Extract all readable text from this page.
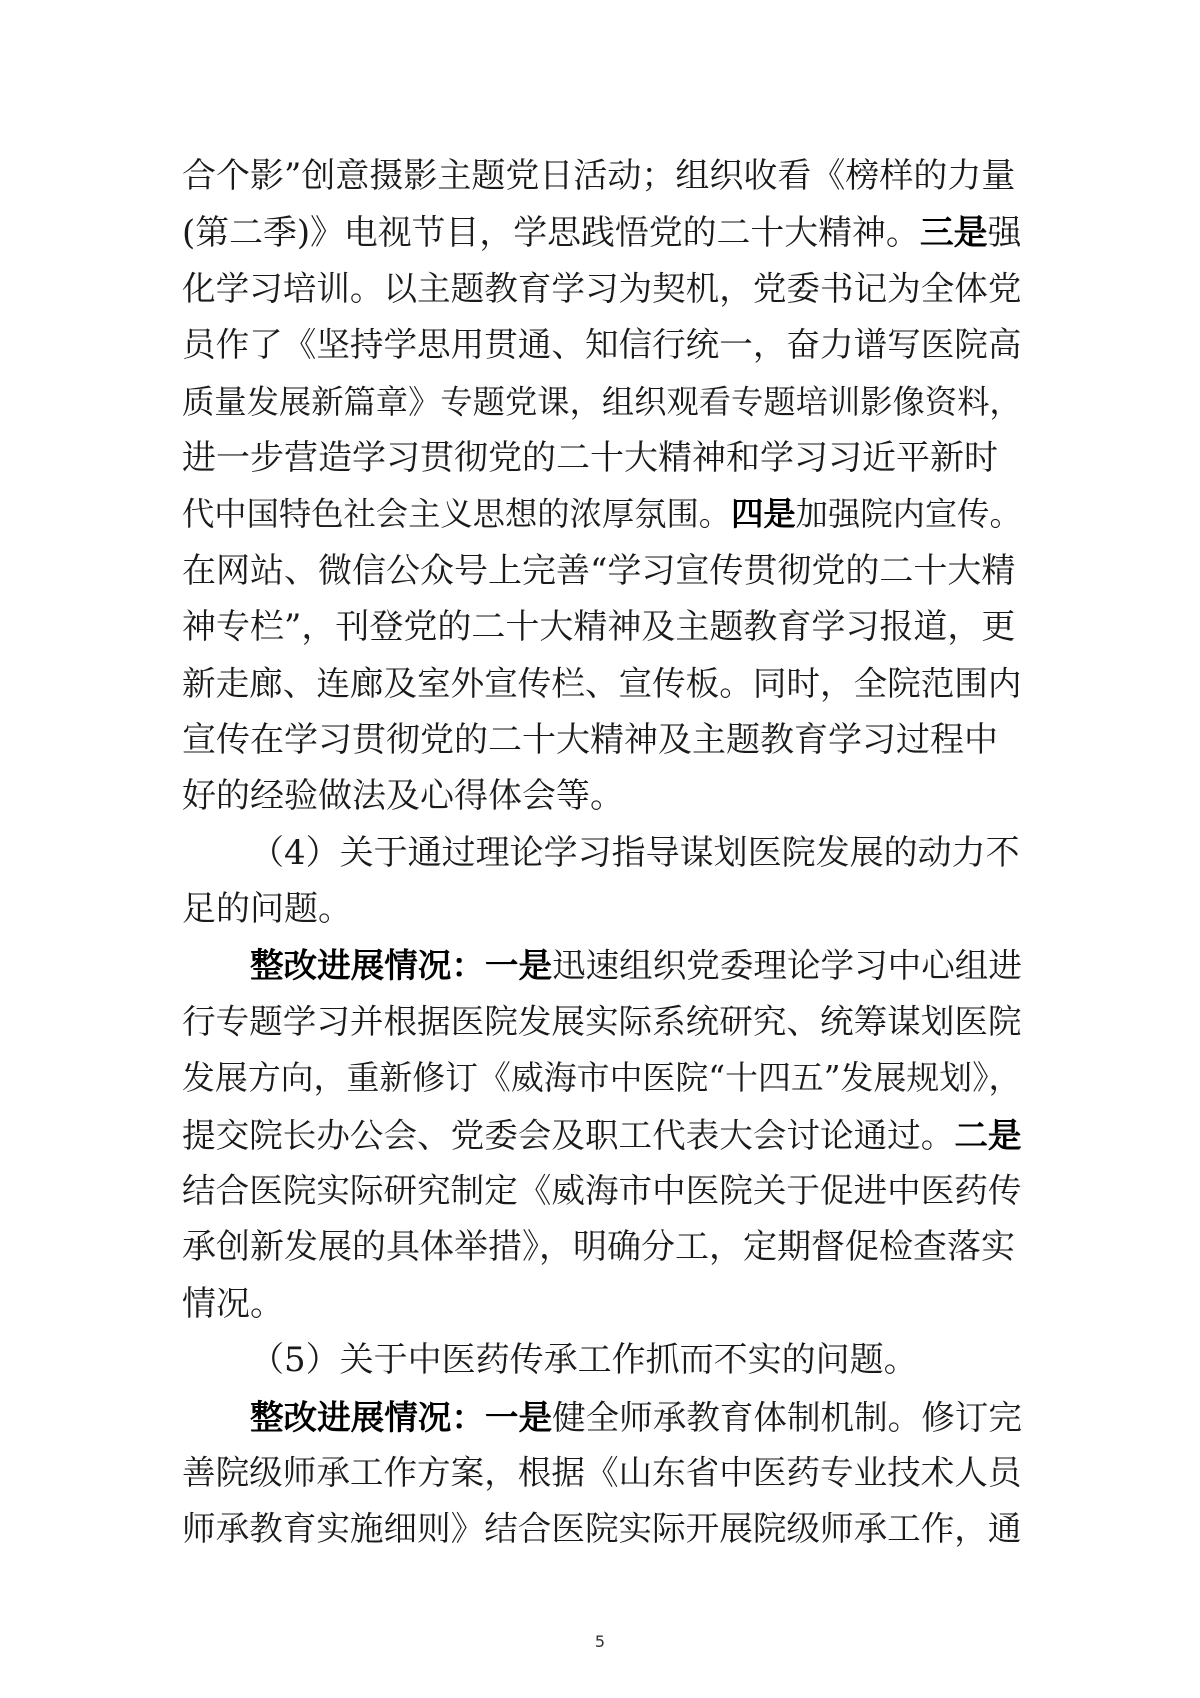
合个影”创意摄影主题党日活动；组织收看《榜样的力量
(第二季)》电视节目，学思践悟党的二十大精神。三是强
化学习培训。以主题教育学习为契机，党委书记为全体党
员作了《坚持学思用贯通、知信行统一，奋力谱写医院高
质量发展新篇章》专题党课，组织观看专题培训影像资料，
进一步营造学习贯彻党的二十大精神和学习习近平新时
代中国特色社会主义思想的浓厚氛围。四是加强院内宣传。
在网站、微信公众号上完善“学习宣传贯彻党的二十大精
神专栏”，刊登党的二十大精神及主题教育学习报道，更
新走廊、连廊及室外宣传栏、宣传板。同时，全院范围内
宣传在学习贯彻党的二十大精神及主题教育学习过程中
好的经验做法及心得体会等。
（4）关于通过理论学习指导谋划医院发展的动力不
足的问题。
整改进展情况：一是迅速组织党委理论学习中心组进
行专题学习并根据医院发展实际系统研究、统筹谋划医院
发展方向，重新修订《威海市中医院“十四五”发展规划》，
提交院长办公会、党委会及职工代表大会讨论通过。二是
结合医院实际研究制定《威海市中医院关于促进中医药传
承创新发展的具体举措》，明确分工，定期督促检查落实
情况。
（5）关于中医药传承工作抓而不实的问题。
整改进展情况：一是健全师承教育体制机制。修订完
善院级师承工作方案，根据《山东省中医药专业技术人员
师承教育实施细则》结合医院实际开展院级师承工作，通
5
